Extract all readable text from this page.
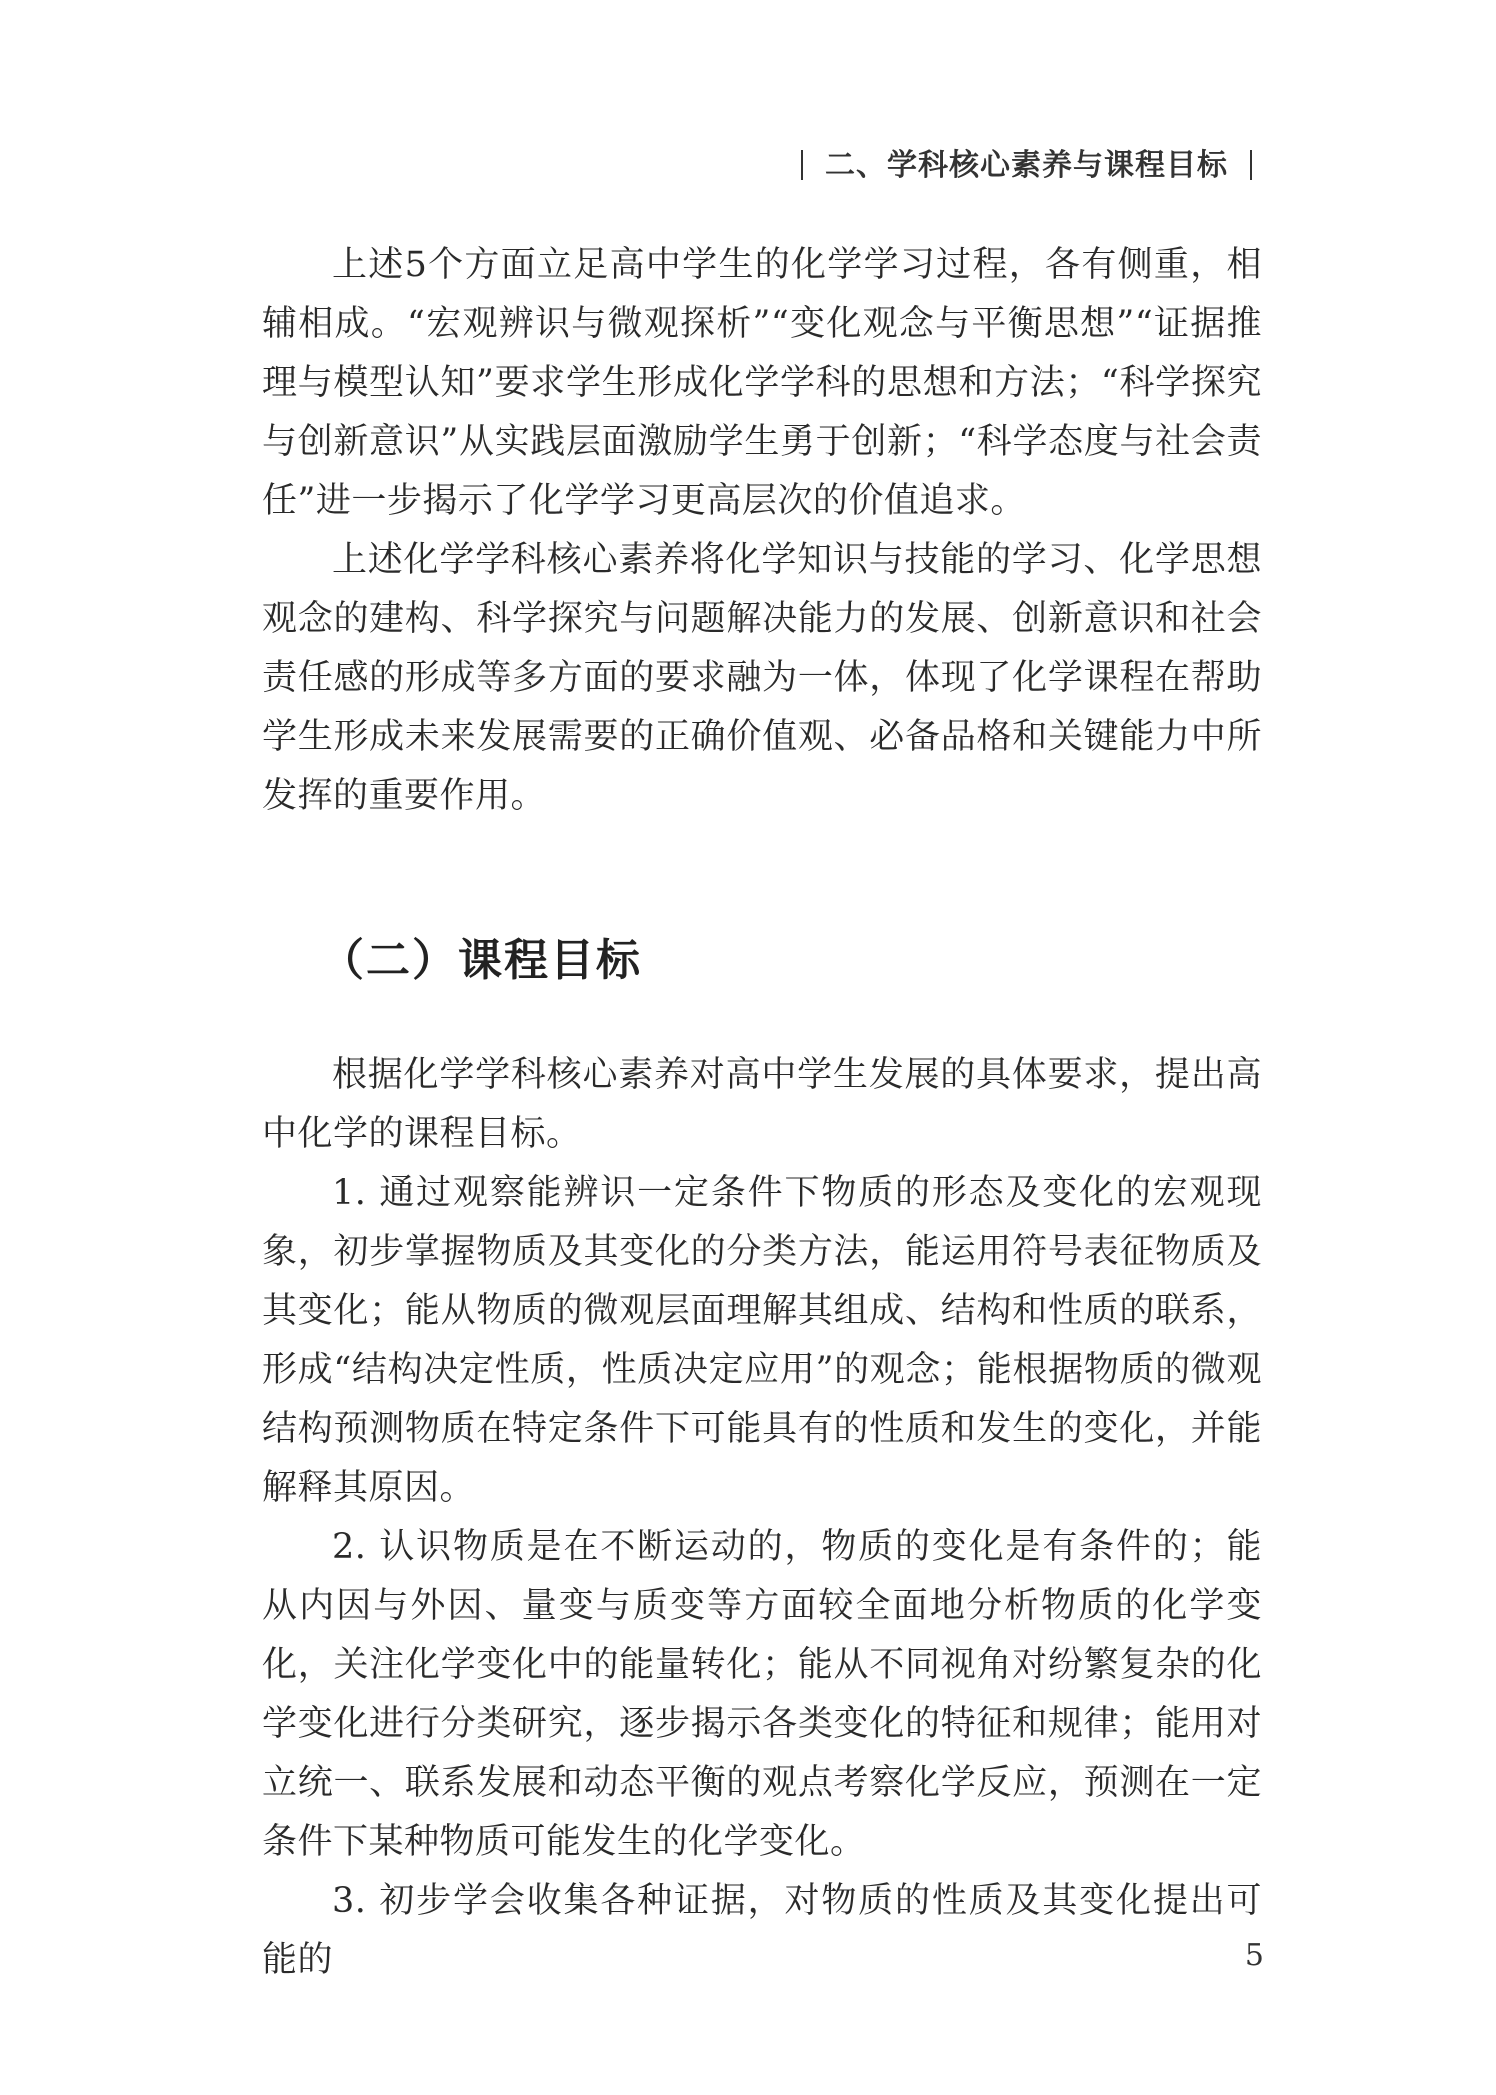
二、学科核心素养与课程目标

上述5个方面立足高中学生的化学学习过程，各有侧重，相辅相成。“宏观辨识与微观探析”“变化观念与平衡思想”“证据推理与模型认知”要求学生形成化学学科的思想和方法；“科学探究与创新意识”从实践层面激励学生勇于创新；“科学态度与社会责任”进一步揭示了化学学习更高层次的价值追求。

上述化学学科核心素养将化学知识与技能的学习、化学思想观念的建构、科学探究与问题解决能力的发展、创新意识和社会责任感的形成等多方面的要求融为一体，体现了化学课程在帮助学生形成未来发展需要的正确价值观、必备品格和关键能力中所发挥的重要作用。

（二）课程目标

根据化学学科核心素养对高中学生发展的具体要求，提出高中化学的课程目标。

1. 通过观察能辨识一定条件下物质的形态及变化的宏观现象，初步掌握物质及其变化的分类方法，能运用符号表征物质及其变化；能从物质的微观层面理解其组成、结构和性质的联系，形成“结构决定性质，性质决定应用”的观念；能根据物质的微观结构预测物质在特定条件下可能具有的性质和发生的变化，并能解释其原因。

2. 认识物质是在不断运动的，物质的变化是有条件的；能从内因与外因、量变与质变等方面较全面地分析物质的化学变化，关注化学变化中的能量转化；能从不同视角对纷繁复杂的化学变化进行分类研究，逐步揭示各类变化的特征和规律；能用对立统一、联系发展和动态平衡的观点考察化学反应，预测在一定条件下某种物质可能发生的化学变化。

3. 初步学会收集各种证据，对物质的性质及其变化提出可能的	5
